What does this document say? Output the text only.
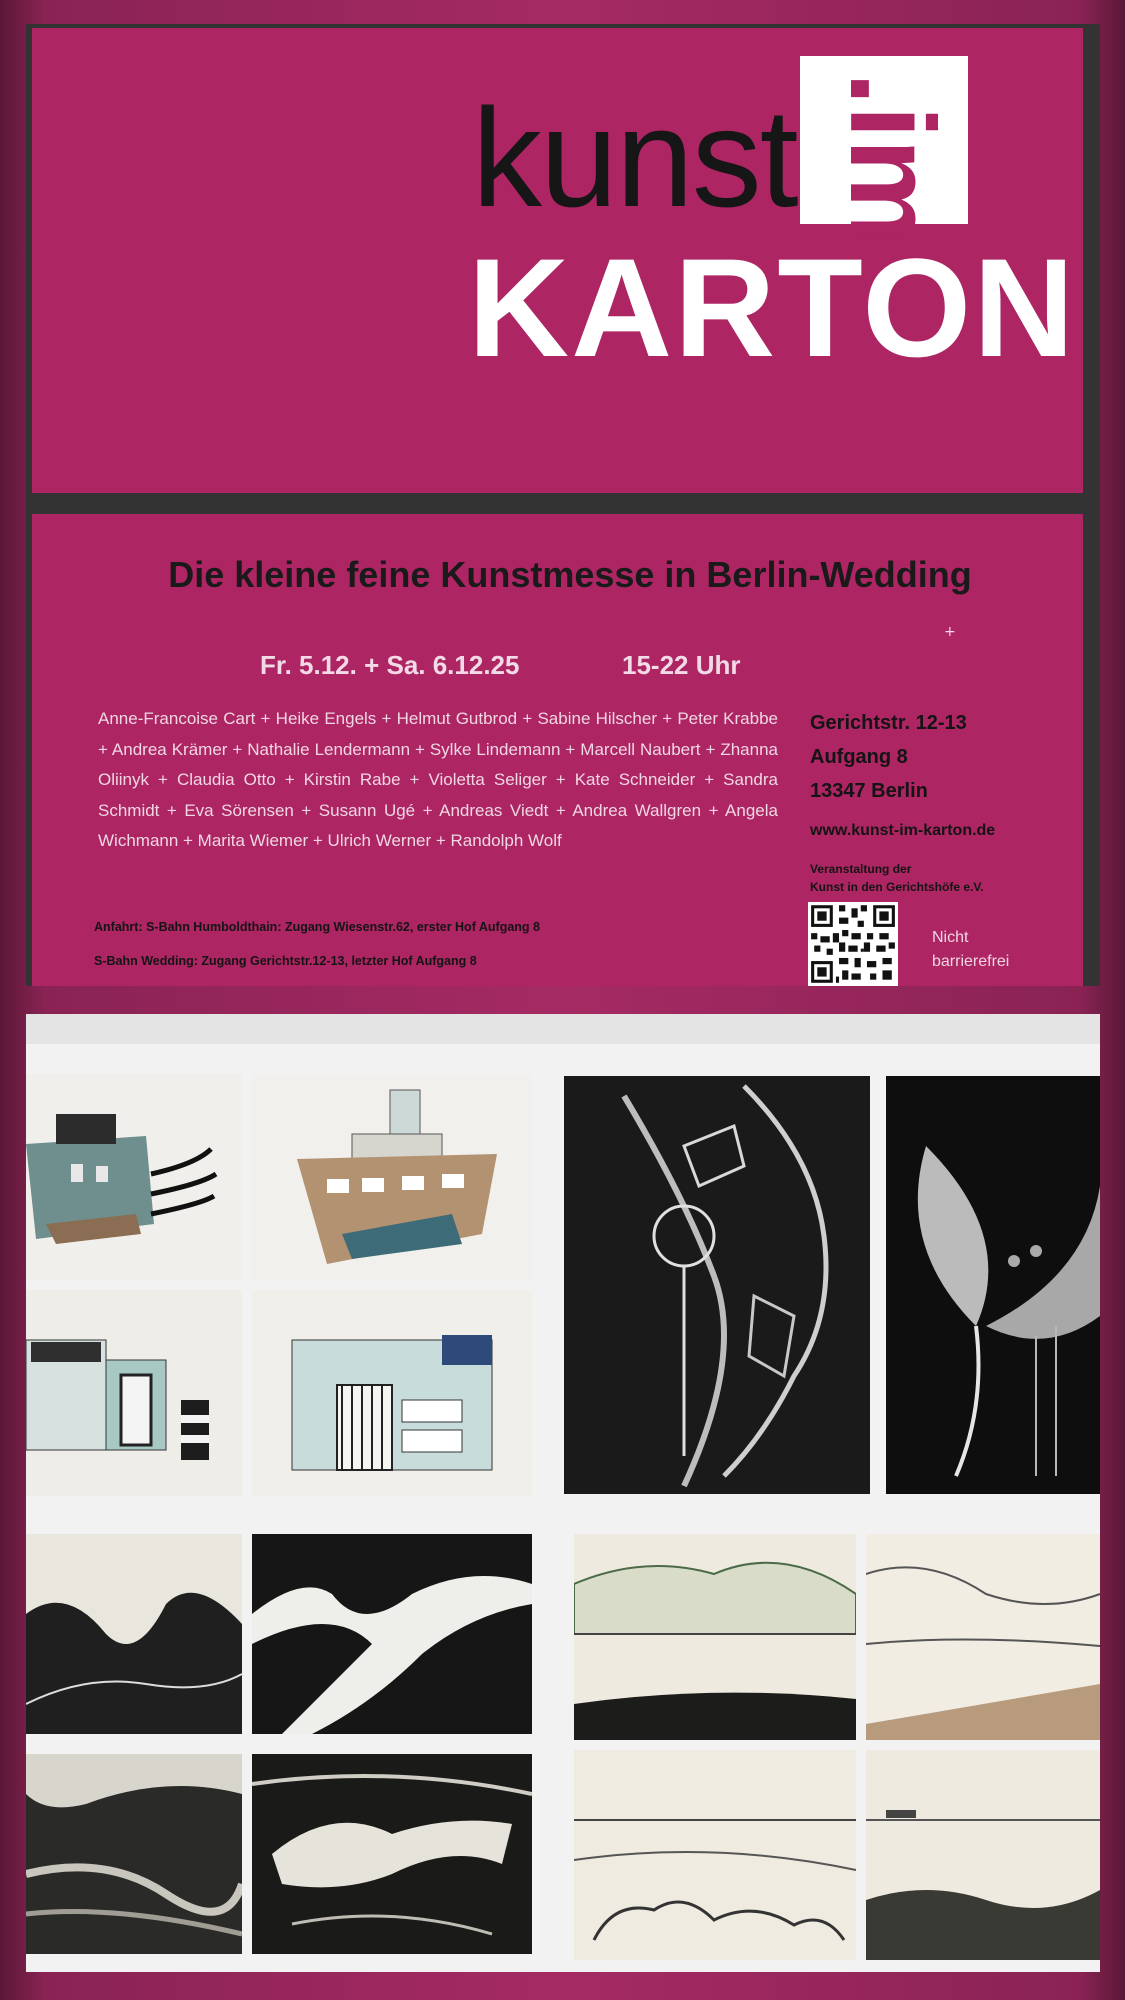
kunst .im
KARTON
Die kleine feine Kunstmesse in Berlin-Wedding
+
Fr. 5.12. + Sa. 6.12.25	15-22 Uhr
Anne-Francoise Cart + Heike Engels + Helmut Gutbrod + Sabine Hilscher + Peter Krabbe + Andrea Krämer + Nathalie Lendermann + Sylke Lindemann + Marcell Naubert + Zhanna Oliinyk + Claudia Otto + Kirstin Rabe + Violetta Seliger + Kate Schneider + Sandra Schmidt + Eva Sörensen + Susann Ugé + Andreas Viedt + Andrea Wallgren + Angela Wichmann + Marita Wiemer + Ulrich Werner + Randolph Wolf
Gerichtstr. 12-13
Aufgang 8
13347 Berlin
www.kunst-im-karton.de
Veranstaltung der
Kunst in den Gerichtshöfe e.V.
Anfahrt: S-Bahn Humboldthain: Zugang Wiesenstr.62, erster Hof Aufgang 8
S-Bahn Wedding: Zugang Gerichtstr.12-13, letzter Hof Aufgang 8
Nicht
barrierefrei
